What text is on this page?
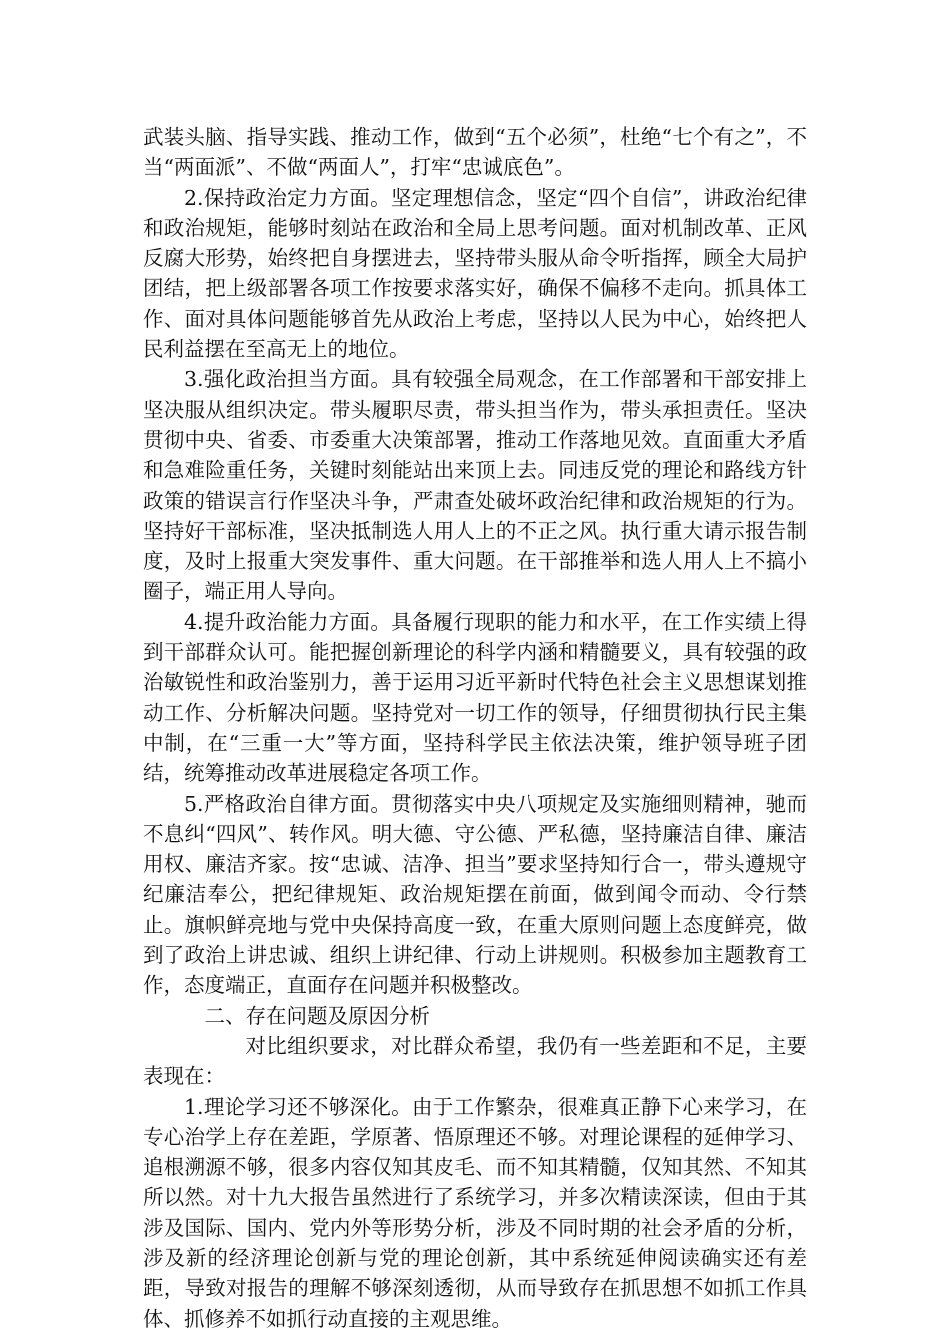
武装头脑、指导实践、推动工作，做到“五个必须”，杜绝“七个有之”，不当“两面派”、不做“两面人”，打牢“忠诚底色”。

2.保持政治定力方面。坚定理想信念，坚定“四个自信”，讲政治纪律和政治规矩，能够时刻站在政治和全局上思考问题。面对机制改革、正风反腐大形势，始终把自身摆进去，坚持带头服从命令听指挥，顾全大局护团结，把上级部署各项工作按要求落实好，确保不偏移不走向。抓具体工作、面对具体问题能够首先从政治上考虑，坚持以人民为中心，始终把人民利益摆在至高无上的地位。

3.强化政治担当方面。具有较强全局观念，在工作部署和干部安排上坚决服从组织决定。带头履职尽责，带头担当作为，带头承担责任。坚决贯彻中央、省委、市委重大决策部署，推动工作落地见效。直面重大矛盾和急难险重任务，关键时刻能站出来顶上去。同违反党的理论和路线方针政策的错误言行作坚决斗争，严肃查处破坏政治纪律和政治规矩的行为。坚持好干部标准，坚决抵制选人用人上的不正之风。执行重大请示报告制度，及时上报重大突发事件、重大问题。在干部推举和选人用人上不搞小圈子，端正用人导向。

4.提升政治能力方面。具备履行现职的能力和水平，在工作实绩上得到干部群众认可。能把握创新理论的科学内涵和精髓要义，具有较强的政治敏锐性和政治鉴别力，善于运用习近平新时代特色社会主义思想谋划推动工作、分析解决问题。坚持党对一切工作的领导，仔细贯彻执行民主集中制，在“三重一大”等方面，坚持科学民主依法决策，维护领导班子团结，统筹推动改革进展稳定各项工作。

5.严格政治自律方面。贯彻落实中央八项规定及实施细则精神，驰而不息纠“四风”、转作风。明大德、守公德、严私德，坚持廉洁自律、廉洁用权、廉洁齐家。按“忠诚、洁净、担当”要求坚持知行合一，带头遵规守纪廉洁奉公，把纪律规矩、政治规矩摆在前面，做到闻令而动、令行禁止。旗帜鲜亮地与党中央保持高度一致，在重大原则问题上态度鲜亮，做到了政治上讲忠诚、组织上讲纪律、行动上讲规则。积极参加主题教育工作，态度端正，直面存在问题并积极整改。

二、存在问题及原因分析

对比组织要求，对比群众希望，我仍有一些差距和不足，主要表现在：

1.理论学习还不够深化。由于工作繁杂，很难真正静下心来学习，在专心治学上存在差距，学原著、悟原理还不够。对理论课程的延伸学习、追根溯源不够，很多内容仅知其皮毛、而不知其精髓，仅知其然、不知其所以然。对十九大报告虽然进行了系统学习，并多次精读深读，但由于其涉及国际、国内、党内外等形势分析，涉及不同时期的社会矛盾的分析，涉及新的经济理论创新与党的理论创新，其中系统延伸阅读确实还有差距，导致对报告的理解不够深刻透彻，从而导致存在抓思想不如抓工作具体、抓修养不如抓行动直接的主观思维。
